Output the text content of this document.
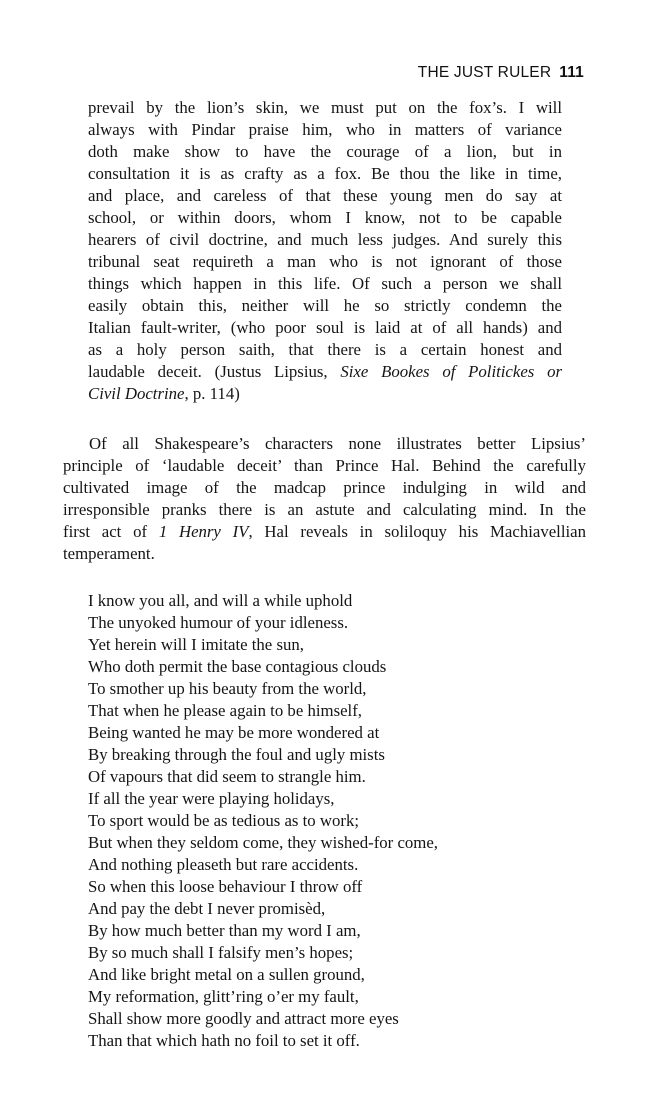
THE JUST RULER 111
prevail by the lion’s skin, we must put on the fox’s. I will
always with Pindar praise him, who in matters of variance
doth make show to have the courage of a lion, but in
consultation it is as crafty as a fox. Be thou the like in time,
and place, and careless of that these young men do say at
school, or within doors, whom I know, not to be capable
hearers of civil doctrine, and much less judges. And surely this
tribunal seat requireth a man who is not ignorant of those
things which happen in this life. Of such a person we shall
easily obtain this, neither will he so strictly condemn the
Italian fault-writer, (who poor soul is laid at of all hands) and
as a holy person saith, that there is a certain honest and
laudable deceit. (Justus Lipsius, Sixe Bookes of Politickes or
Civil Doctrine, p. 114)
Of all Shakespeare’s characters none illustrates better Lipsius’
principle of ‘laudable deceit’ than Prince Hal. Behind the carefully
cultivated image of the madcap prince indulging in wild and
irresponsible pranks there is an astute and calculating mind. In the
first act of 1 Henry IV, Hal reveals in soliloquy his Machiavellian
temperament.
I know you all, and will a while uphold
The unyoked humour of your idleness.
Yet herein will I imitate the sun,
Who doth permit the base contagious clouds
To smother up his beauty from the world,
That when he please again to be himself,
Being wanted he may be more wondered at
By breaking through the foul and ugly mists
Of vapours that did seem to strangle him.
If all the year were playing holidays,
To sport would be as tedious as to work;
But when they seldom come, they wished-for come,
And nothing pleaseth but rare accidents.
So when this loose behaviour I throw off
And pay the debt I never promisèd,
By how much better than my word I am,
By so much shall I falsify men’s hopes;
And like bright metal on a sullen ground,
My reformation, glitt’ring o’er my fault,
Shall show more goodly and attract more eyes
Than that which hath no foil to set it off.
